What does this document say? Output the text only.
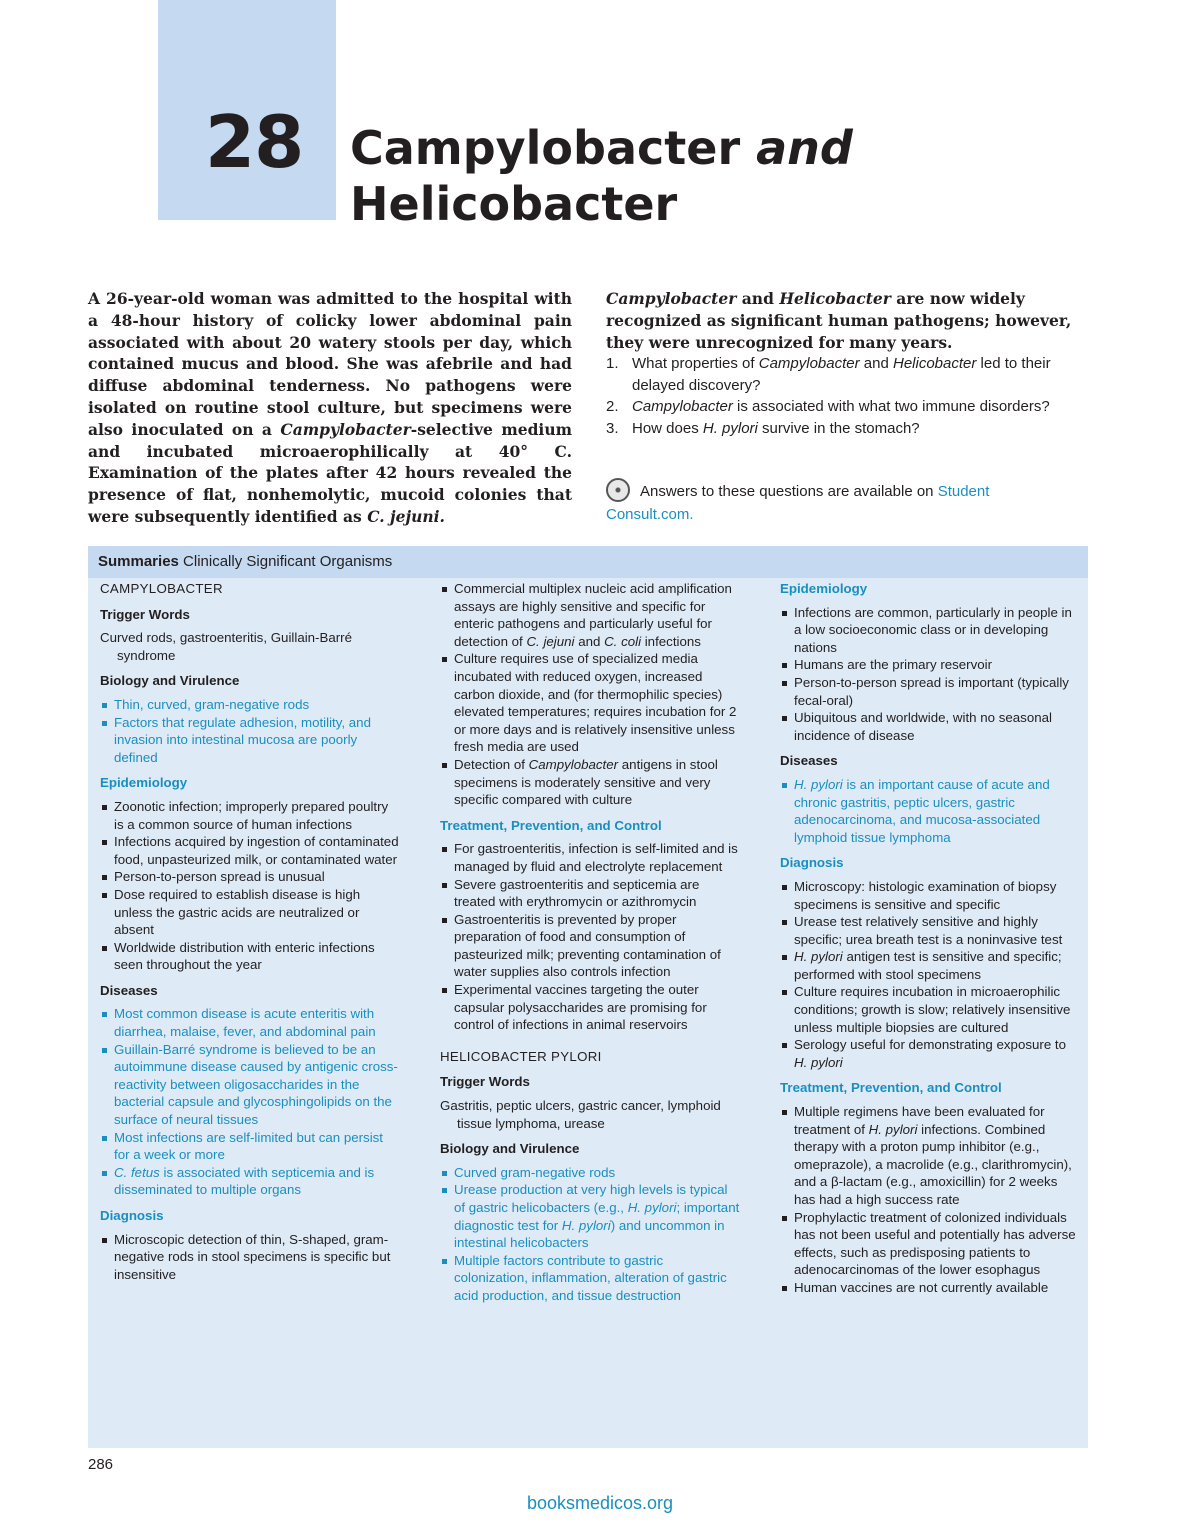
28 Campylobacter and
Helicobacter
A 26-year-old woman was admitted to the hospital with a 48-hour history of colicky lower abdominal pain associated with about 20 watery stools per day, which contained mucus and blood. She was afebrile and had diffuse abdominal tenderness. No pathogens were isolated on routine stool culture, but specimens were also inoculated on a Campylobacter-selective medium and incubated microaerophilically at 40° C. Examination of the plates after 42 hours revealed the presence of flat, nonhemolytic, mucoid colonies that were subsequently identified as C. jejuni.

Campylobacter and Helicobacter are now widely recognized as significant human pathogens; however, they were unrecognized for many years.

1. What properties of Campylobacter and Helicobacter led to their delayed discovery?
2. Campylobacter is associated with what two immune disorders?
3. How does H. pylori survive in the stomach?
Answers to these questions are available on Student Consult.com.
Summaries Clinically Significant Organisms

CAMPYLOBACTER

Trigger Words

Curved rods, gastroenteritis, Guillain-Barré syndrome

Biology and Virulence

Thin, curved, gram-negative rods
Factors that regulate adhesion, motility, and invasion into intestinal mucosa are poorly defined

Epidemiology

Zoonotic infection; improperly prepared poultry is a common source of human infections
Infections acquired by ingestion of contaminated food, unpasteurized milk, or contaminated water
Person-to-person spread is unusual
Dose required to establish disease is high unless the gastric acids are neutralized or absent
Worldwide distribution with enteric infections seen throughout the year

Diseases

Most common disease is acute enteritis with diarrhea, malaise, fever, and abdominal pain
Guillain-Barré syndrome is believed to be an autoimmune disease caused by antigenic cross-reactivity between oligosaccharides in the bacterial capsule and glycosphingolipids on the surface of neural tissues
Most infections are self-limited but can persist for a week or more
C. fetus is associated with septicemia and is disseminated to multiple organs

Diagnosis

Microscopic detection of thin, S-shaped, gram-negative rods in stool specimens is specific but insensitive
Commercial multiplex nucleic acid amplification assays are highly sensitive and specific for enteric pathogens and particularly useful for detection of C. jejuni and C. coli infections
Culture requires use of specialized media incubated with reduced oxygen, increased carbon dioxide, and (for thermophilic species) elevated temperatures; requires incubation for 2 or more days and is relatively insensitive unless fresh media are used
Detection of Campylobacter antigens in stool specimens is moderately sensitive and very specific compared with culture

Treatment, Prevention, and Control

For gastroenteritis, infection is self-limited and is managed by fluid and electrolyte replacement
Severe gastroenteritis and septicemia are treated with erythromycin or azithromycin
Gastroenteritis is prevented by proper preparation of food and consumption of pasteurized milk; preventing contamination of water supplies also controls infection
Experimental vaccines targeting the outer capsular polysaccharides are promising for control of infections in animal reservoirs

HELICOBACTER PYLORI

Trigger Words

Gastritis, peptic ulcers, gastric cancer, lymphoid tissue lymphoma, urease

Biology and Virulence

Curved gram-negative rods
Urease production at very high levels is typical of gastric helicobacters (e.g., H. pylori; important diagnostic test for H. pylori) and uncommon in intestinal helicobacters
Multiple factors contribute to gastric colonization, inflammation, alteration of gastric acid production, and tissue destruction

Epidemiology

Infections are common, particularly in people in a low socioeconomic class or in developing nations
Humans are the primary reservoir
Person-to-person spread is important (typically fecal-oral)
Ubiquitous and worldwide, with no seasonal incidence of disease

Diseases

H. pylori is an important cause of acute and chronic gastritis, peptic ulcers, gastric adenocarcinoma, and mucosa-associated lymphoid tissue lymphoma

Diagnosis

Microscopy: histologic examination of biopsy specimens is sensitive and specific
Urease test relatively sensitive and highly specific; urea breath test is a noninvasive test
H. pylori antigen test is sensitive and specific; performed with stool specimens
Culture requires incubation in microaerophilic conditions; growth is slow; relatively insensitive unless multiple biopsies are cultured
Serology useful for demonstrating exposure to H. pylori

Treatment, Prevention, and Control

Multiple regimens have been evaluated for treatment of H. pylori infections. Combined therapy with a proton pump inhibitor (e.g., omeprazole), a macrolide (e.g., clarithromycin), and a β-lactam (e.g., amoxicillin) for 2 weeks has had a high success rate
Prophylactic treatment of colonized individuals has not been useful and potentially has adverse effects, such as predisposing patients to adenocarcinomas of the lower esophagus
Human vaccines are not currently available
286
booksmedicos.org
